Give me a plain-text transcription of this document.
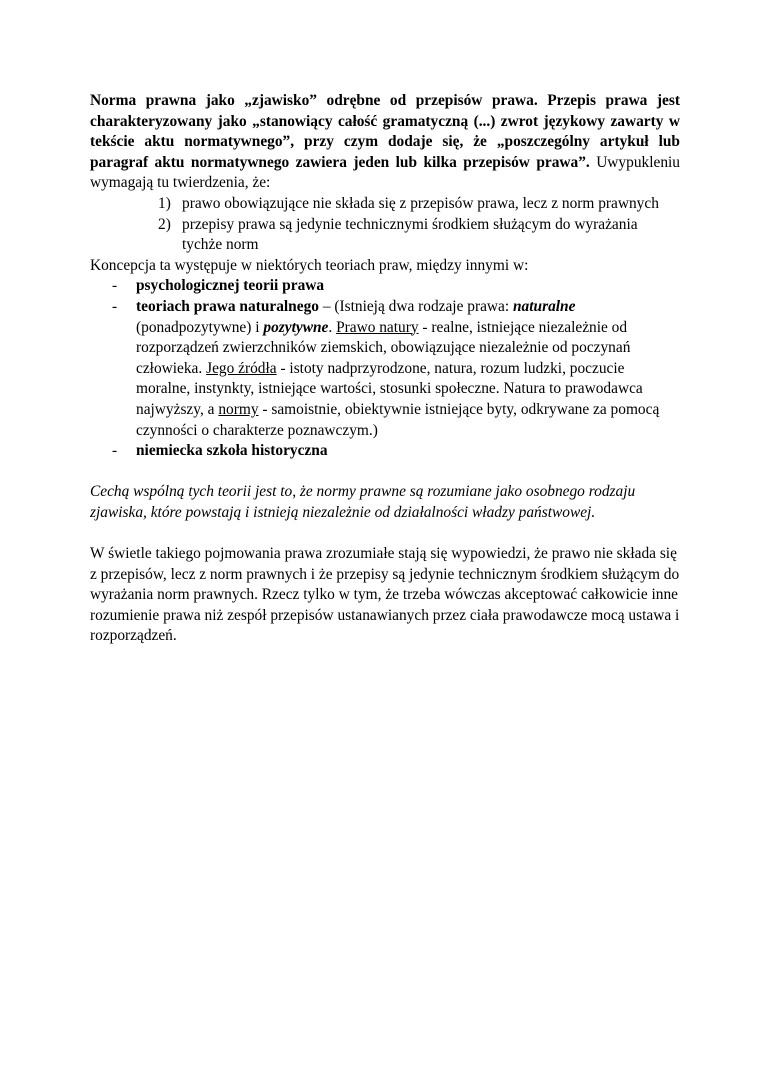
Norma prawna jako „zjawisko” odrębne od przepisów prawa. Przepis prawa jest charakteryzowany jako „stanowiący całość gramatyczną (...) zwrot językowy zawarty w tekście aktu normatywnego”, przy czym dodaje się, że „poszczególny artykuł lub paragraf aktu normatywnego zawiera jeden lub kilka przepisów prawa”. Uwypukleniu wymagają tu twierdzenia, że:

1) prawo obowiązujące nie składa się z przepisów prawa, lecz z norm prawnych
2) przepisy prawa są jedynie technicznymi środkiem służącym do wyrażania tychże norm

Koncepcja ta występuje w niektórych teoriach praw, między innymi w:

-	psychologicznej teorii prawa
-	teoriach prawa naturalnego – (Istnieją dwa rodzaje prawa: naturalne (ponadpozytywne) i pozytywne. Prawo natury - realne, istniejące niezależnie od rozporządzeń zwierzchników ziemskich, obowiązujące niezależnie od poczynań człowieka. Jego źródła - istoty nadprzyrodzone, natura, rozum ludzki, poczucie moralne, instynkty, istniejące wartości, stosunki społeczne. Natura to prawodawca najwyższy, a normy - samoistnie, obiektywnie istniejące byty, odkrywane za pomocą czynności o charakterze poznawczym.)
-	niemiecka szkoła historyczna

Cechą wspólną tych teorii jest to, że normy prawne są rozumiane jako osobnego rodzaju zjawiska, które powstają i istnieją niezależnie od działalności władzy państwowej.

W świetle takiego pojmowania prawa zrozumiałe stają się wypowiedzi, że prawo nie składa się z przepisów, lecz z norm prawnych i że przepisy są jedynie technicznym środkiem służącym do wyrażania norm prawnych. Rzecz tylko w tym, że trzeba wówczas akceptować całkowicie inne rozumienie prawa niż zespół przepisów ustanawianych przez ciała prawodawcze mocą ustawa i rozporządzeń.
